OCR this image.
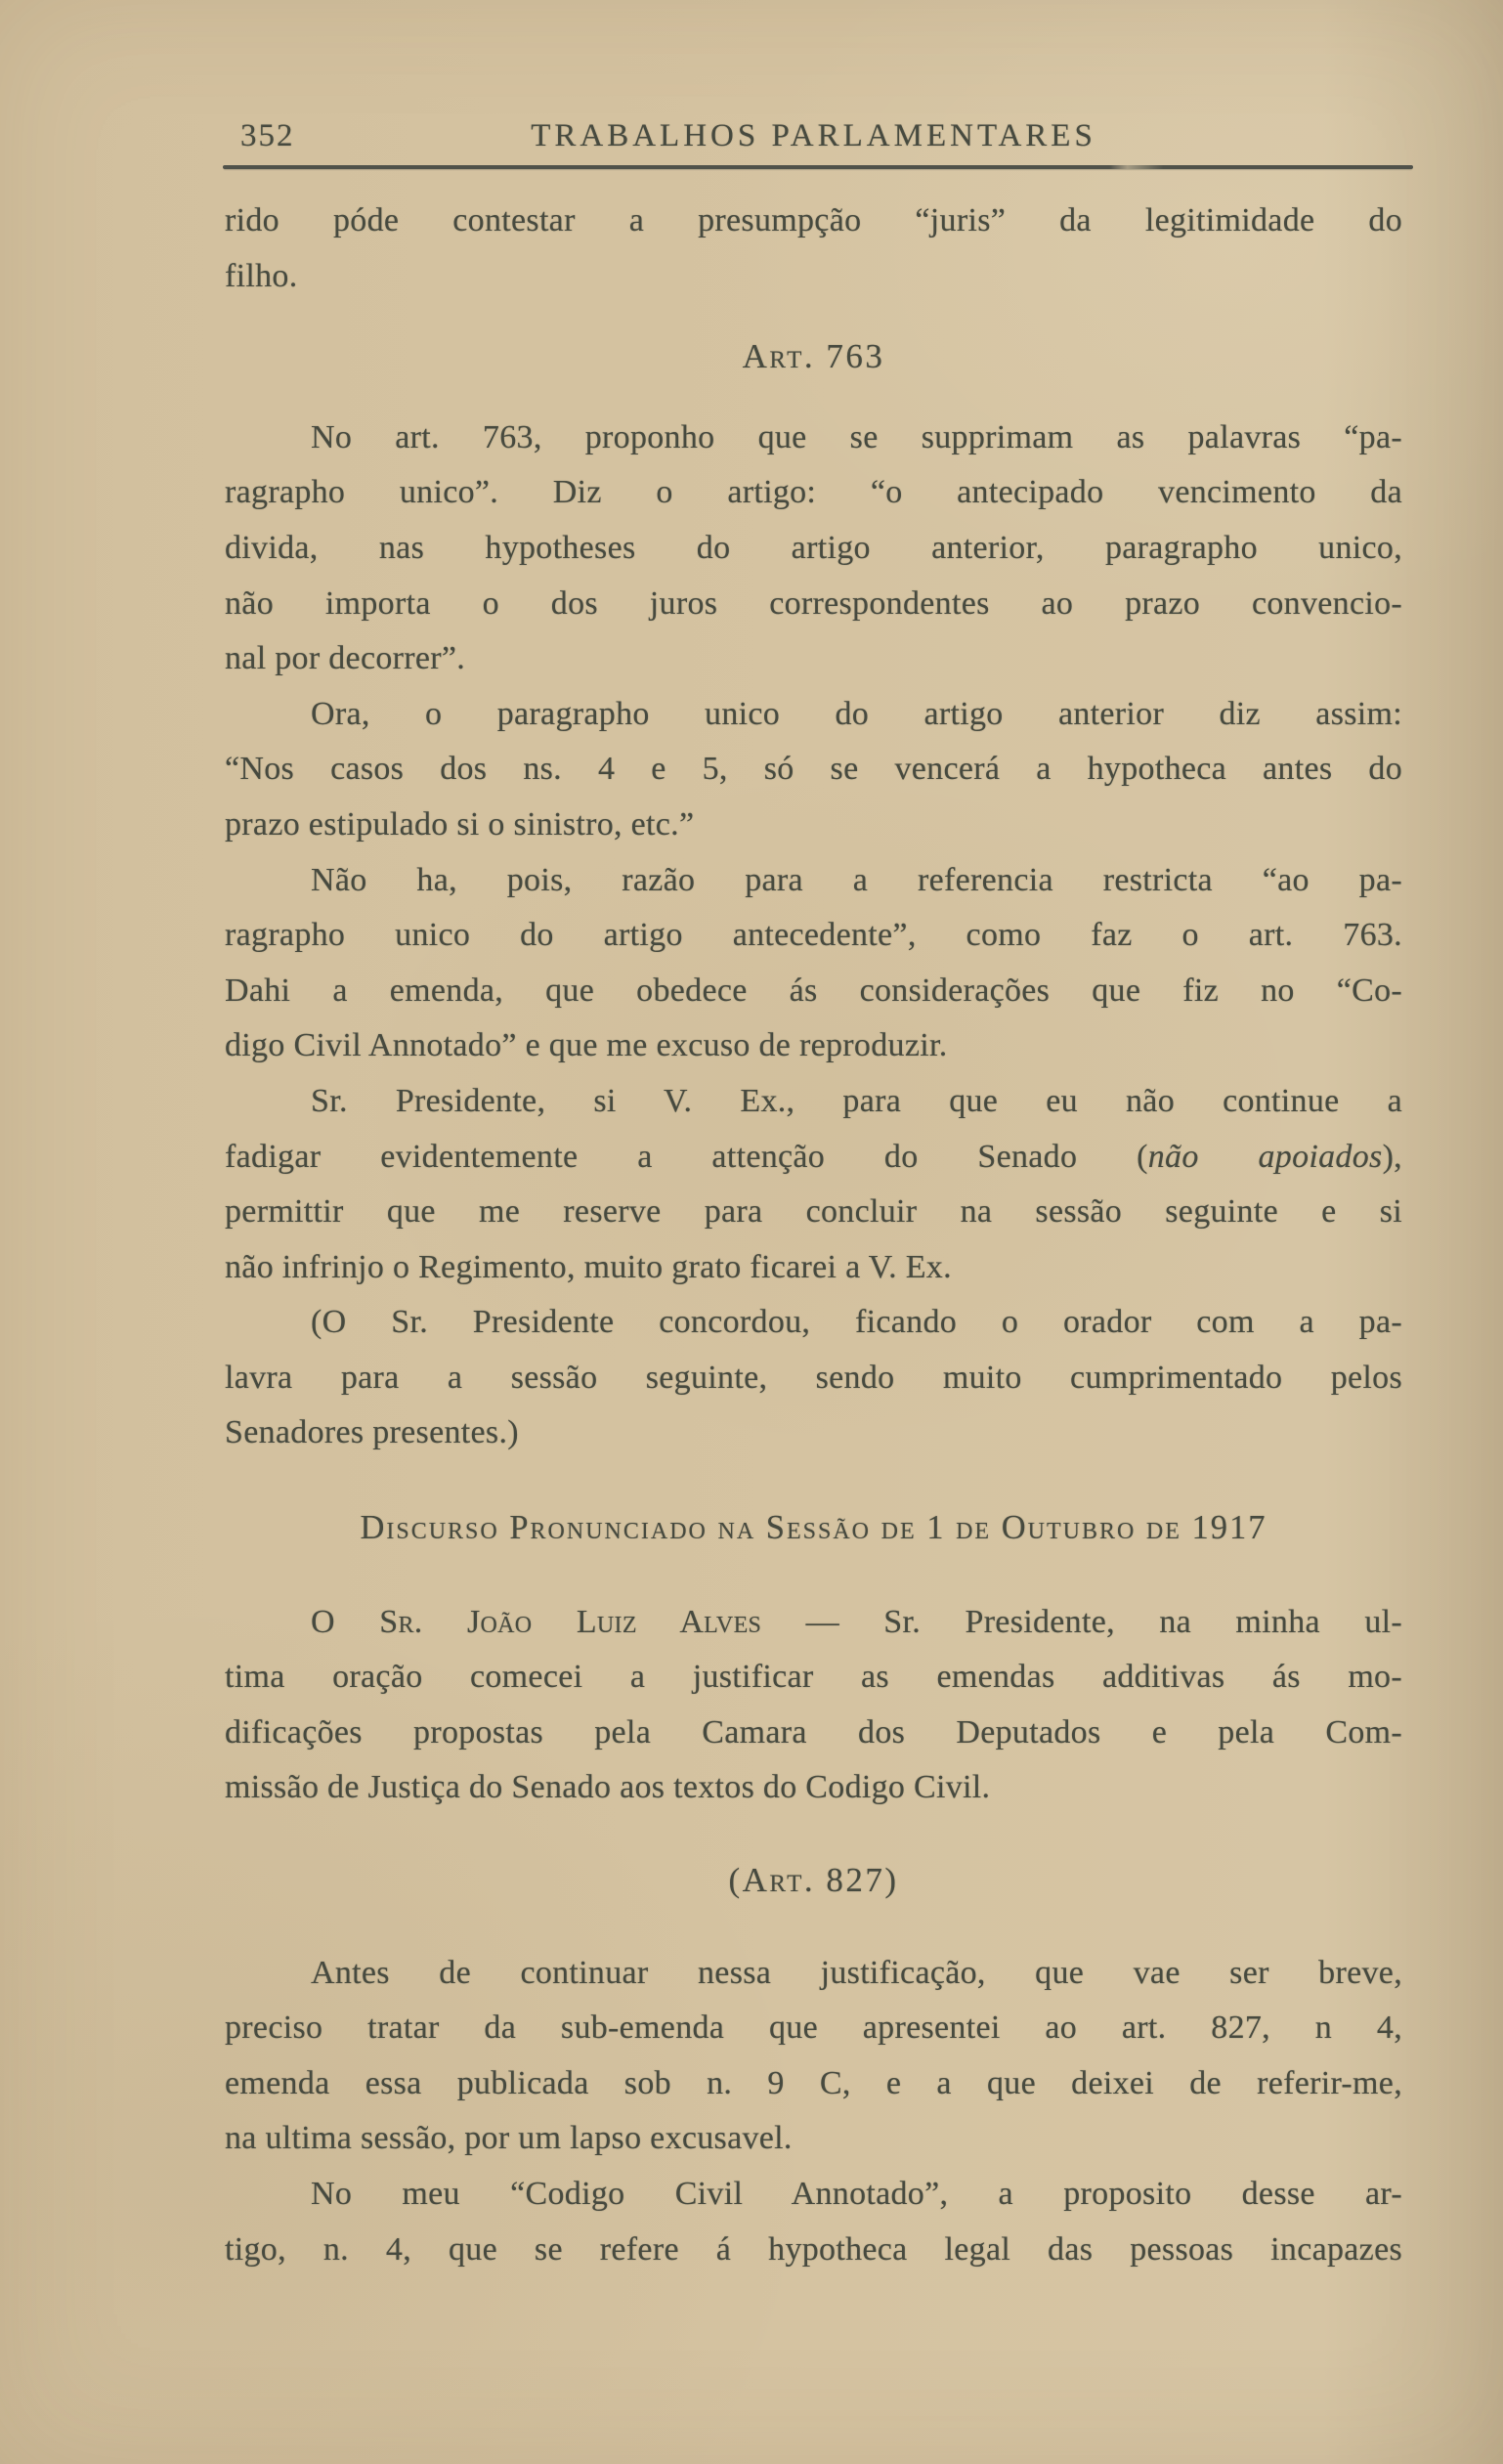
352	TRABALHOS PARLAMENTARES
rido póde contestar a presumpção “juris” da legitimidade do
filho.
Art. 763
No art. 763, proponho que se supprimam as palavras “pa-
ragrapho unico”. Diz o artigo: “o antecipado vencimento da
divida, nas hypotheses do artigo anterior, paragrapho unico,
não importa o dos juros correspondentes ao prazo convencio-
nal por decorrer”.
Ora, o paragrapho unico do artigo anterior diz assim:
“Nos casos dos ns. 4 e 5, só se vencerá a hypotheca antes do
prazo estipulado si o sinistro, etc.”
Não ha, pois, razão para a referencia restricta “ao pa-
ragrapho unico do artigo antecedente”, como faz o art. 763.
Dahi a emenda, que obedece ás considerações que fiz no “Co-
digo Civil Annotado” e que me excuso de reproduzir.
Sr. Presidente, si V. Ex., para que eu não continue a
fadigar evidentemente a attenção do Senado (não apoiados),
permittir que me reserve para concluir na sessão seguinte e si
não infrinjo o Regimento, muito grato ficarei a V. Ex.
(O Sr. Presidente concordou, ficando o orador com a pa-
lavra para a sessão seguinte, sendo muito cumprimentado pelos
Senadores presentes.)
Discurso Pronunciado na Sessão de 1 de Outubro de 1917
O Sr. João Luiz Alves — Sr. Presidente, na minha ul-
tima oração comecei a justificar as emendas additivas ás mo-
dificações propostas pela Camara dos Deputados e pela Com-
missão de Justiça do Senado aos textos do Codigo Civil.
(Art. 827)
Antes de continuar nessa justificação, que vae ser breve,
preciso tratar da sub-emenda que apresentei ao art. 827, n 4,
emenda essa publicada sob n. 9 C, e a que deixei de referir-me,
na ultima sessão, por um lapso excusavel.
No meu “Codigo Civil Annotado”, a proposito desse ar-
tigo, n. 4, que se refere á hypotheca legal das pessoas incapazes
